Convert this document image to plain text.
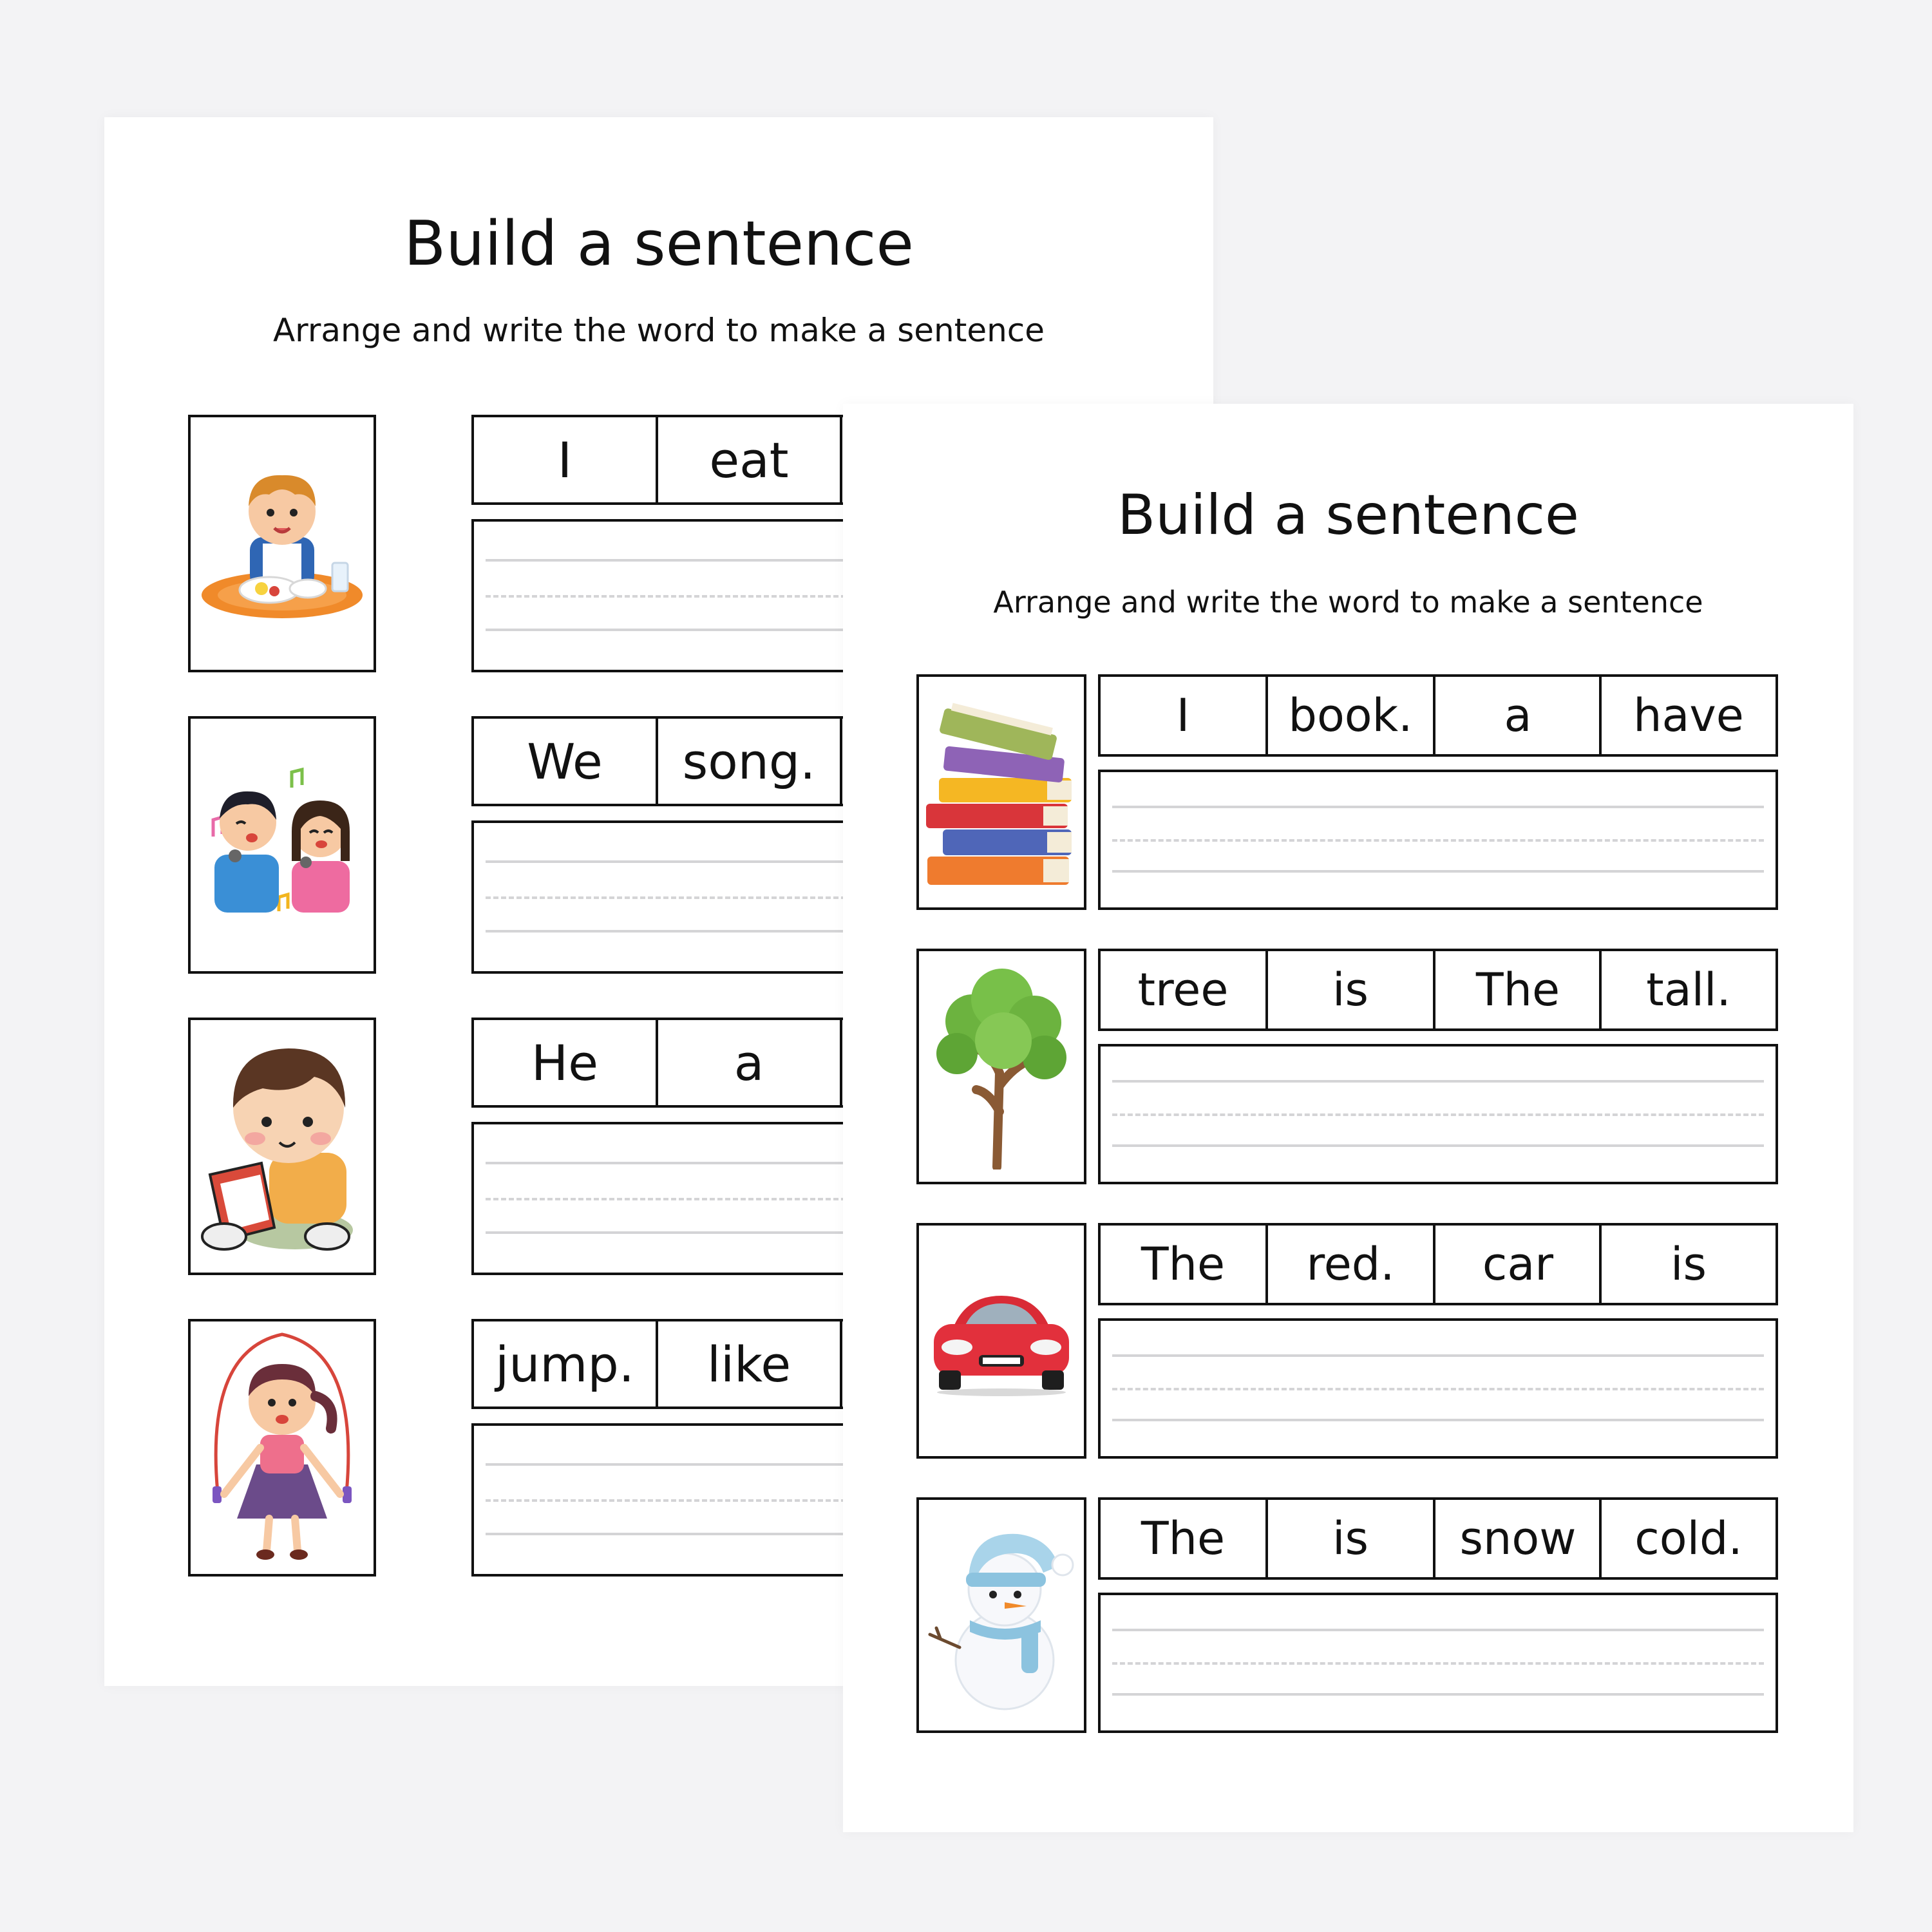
Build a sentence
Arrange and write the word to make a sentence
I	eat
We	song.
He	a
jump.	like
Build a sentence
Arrange and write the word to make a sentence
I	book.	a	have
tree	is	The	tall.
The	red.	car	is
The	is	snow	cold.
